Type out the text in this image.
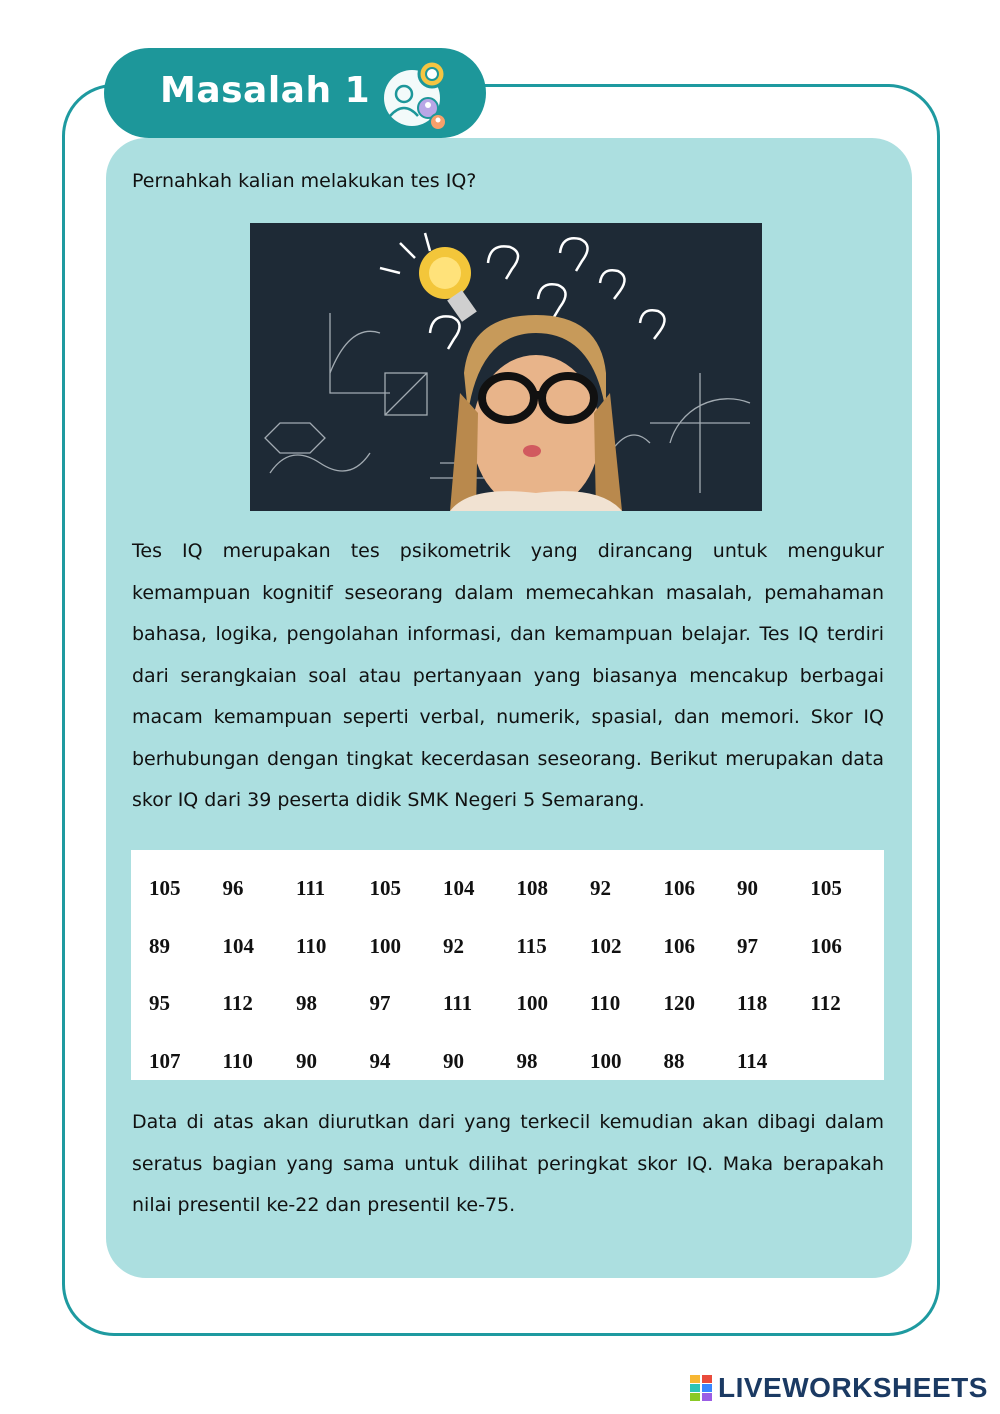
Masalah 1
Pernahkah kalian melakukan tes IQ?
Tes IQ merupakan tes psikometrik yang dirancang untuk mengukur kemampuan kognitif seseorang dalam memecahkan masalah, pemahaman bahasa, logika, pengolahan informasi, dan kemampuan belajar. Tes IQ terdiri dari serangkaian soal atau pertanyaan yang biasanya mencakup berbagai macam kemampuan seperti verbal, numerik, spasial, dan memori. Skor IQ berhubungan dengan tingkat kecerdasan seseorang. Berikut merupakan data skor IQ dari 39 peserta didik SMK Negeri 5 Semarang.
105	96	111	105	104	108	92	106	90	105
89	104	110	100	92	115	102	106	97	106
95	112	98	97	111	100	110	120	118	112
107	110	90	94	90	98	100	88	114	
Data di atas akan diurutkan dari yang terkecil kemudian akan dibagi dalam seratus bagian yang sama untuk dilihat peringkat skor IQ. Maka berapakah nilai presentil ke-22 dan presentil ke-75.
LIVEWORKSHEETS
